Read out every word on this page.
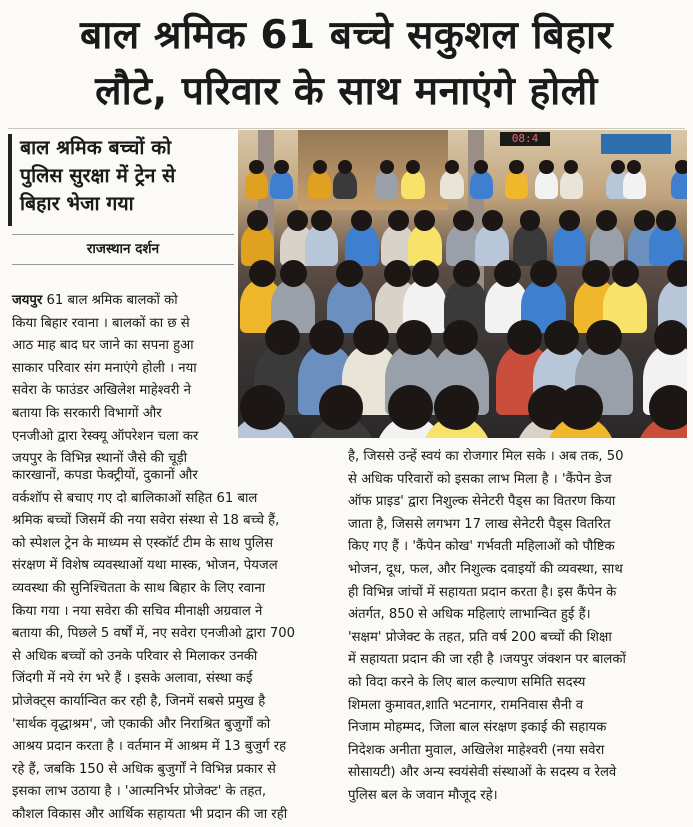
बाल श्रमिक 61 बच्चे सकुशल बिहार
लौटे, परिवार के साथ मनाएंगे होली
बाल श्रमिक बच्चों को
पुलिस सुरक्षा में ट्रेन से
बिहार भेजा गया
राजस्थान दर्शन
08:4
जयपुर 61 बाल श्रमिक बालकों को
किया बिहार रवाना । बालकों का छ से
आठ माह बाद घर जाने का सपना हुआ
साकार परिवार संग मनाएंगे होली । नया
सवेरा के फाउंडर अखिलेश माहेश्वरी ने
बताया कि सरकारी विभागों और
एनजीओ द्वारा रेस्क्यू ऑपरेशन चला कर
जयपुर के विभिन्न स्थानों जैसे की चूड़ी
कारखानों, कपडा फेक्ट्रीयों, दुकानों और
वर्कशॉप से बचाए गए दो बालिकाओं सहित 61 बाल
श्रमिक बच्चों जिसमें की नया सवेरा संस्था से 18 बच्चे हैं,
को स्पेशल ट्रेन के माध्यम से एस्कॉर्ट टीम के साथ पुलिस
संरक्षण में विशेष व्यवस्थाओं यथा मास्क, भोजन, पेयजल
व्यवस्था की सुनिश्चितता के साथ बिहार के लिए रवाना
किया गया । नया सवेरा की सचिव मीनाक्षी अग्रवाल ने
बताया की, पिछले 5 वर्षों में, नए सवेरा एनजीओ द्वारा 700
से अधिक बच्चों को उनके परिवार से मिलाकर उनकी
जिंदगी में नये रंग भरे हैं । इसके अलावा, संस्था कई
प्रोजेक्ट्स कार्यान्वित कर रही है, जिनमें सबसे प्रमुख है
'सार्थक वृद्धाश्रम', जो एकाकी और निराश्रित बुजुर्गों को
आश्रय प्रदान करता है । वर्तमान में आश्रम में 13 बुजुर्ग रह
रहे हैं, जबकि 150 से अधिक बुजुर्गों ने विभिन्न प्रकार से
इसका लाभ उठाया है । 'आत्मनिर्भर प्रोजेक्ट' के तहत,
कौशल विकास और आर्थिक सहायता भी प्रदान की जा रही
है, जिससे उन्हें स्वयं का रोजगार मिल सके । अब तक, 50
से अधिक परिवारों को इसका लाभ मिला है । 'कैंपेन डेज
ऑफ प्राइड' द्वारा निशुल्क सेनेटरी पैड्स का वितरण किया
जाता है, जिससे लगभग 17 लाख सेनेटरी पैड्स वितरित
किए गए हैं । 'कैंपेन कोख' गर्भवती महिलाओं को पौष्टिक
भोजन, दूध, फल, और निशुल्क दवाइयों की व्यवस्था, साथ
ही विभिन्न जांचों में सहायता प्रदान करता है। इस कैंपेन के
अंतर्गत, 850 से अधिक महिलाएं लाभान्वित हुई हैं।
'सक्षम' प्रोजेक्ट के तहत, प्रति वर्ष 200 बच्चों की शिक्षा
में सहायता प्रदान की जा रही है ।जयपुर जंक्शन पर बालकों
को विदा करने के लिए बाल कल्याण समिति सदस्य
शिमला कुमावत,शाति भटनागर, रामनिवास सैनी व
निजाम मोहम्मद, जिला बाल संरक्षण इकाई की सहायक
निदेशक अनीता मुवाल, अखिलेश माहेश्वरी (नया सवेरा
सोसायटी) और अन्य स्वयंसेवी संस्थाओं के सदस्य व रेलवे
पुलिस बल के जवान मौजूद रहे।
